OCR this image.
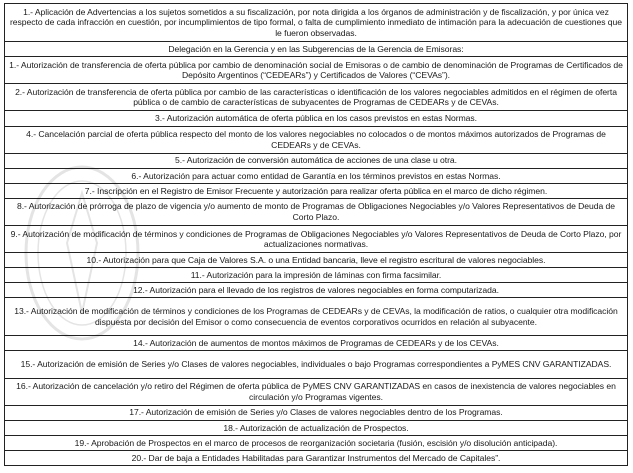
1.- Aplicación de Advertencias a los sujetos sometidos a su fiscalización, por nota dirigida a los órganos de administración y de fiscalización, y por única vez respecto de cada infracción en cuestión, por incumplimientos de tipo formal, o falta de cumplimiento inmediato de intimación para la adecuación de cuestiones que le fueron observadas.
Delegación en la Gerencia y en las Subgerencias de la Gerencia de Emisoras:
1.- Autorización de transferencia de oferta pública por cambio de denominación social de Emisoras o de cambio de denominación de Programas de Certificados de Depósito Argentinos (“CEDEARs”) y Certificados de Valores (“CEVAs”).
2.- Autorización de transferencia de oferta pública por cambio de las características o identificación de los valores negociables admitidos en el régimen de oferta pública o de cambio de características de subyacentes de Programas de CEDEARs y de CEVAs.
3.- Autorización automática de oferta pública en los casos previstos en estas Normas.
4.- Cancelación parcial de oferta pública respecto del monto de los valores negociables no colocados o de montos máximos autorizados de Programas de CEDEARs y de CEVAs.
5.- Autorización de conversión automática de acciones de una clase u otra.
6.- Autorización para actuar como entidad de Garantía en los términos previstos en estas Normas.
7.- Inscripción en el Registro de Emisor Frecuente y autorización para realizar oferta pública en el marco de dicho régimen.
8.- Autorización de prórroga de plazo de vigencia y/o aumento de monto de Programas de Obligaciones Negociables y/o Valores Representativos de Deuda de Corto Plazo.
9.- Autorización de modificación de términos y condiciones de Programas de Obligaciones Negociables y/o Valores Representativos de Deuda de Corto Plazo, por actualizaciones normativas.
10.- Autorización para que Caja de Valores S.A. o una Entidad bancaria, lleve el registro escritural de valores negociables.
11.- Autorización para la impresión de láminas con firma facsimilar.
12.- Autorización para el llevado de los registros de valores negociables en forma computarizada.
13.- Autorización de modificación de términos y condiciones de los Programas de CEDEARs y de CEVAs, la modificación de ratios, o cualquier otra modificación dispuesta por decisión del Emisor o como consecuencia de eventos corporativos ocurridos en relación al subyacente.
14.- Autorización de aumentos de montos máximos de Programas de CEDEARs y de los CEVAs.
15.- Autorización de emisión de Series y/o Clases de valores negociables, individuales o bajo Programas correspondientes a PyMES CNV GARANTIZADAS.
16.- Autorización de cancelación y/o retiro del Régimen de oferta pública de PyMES CNV GARANTIZADAS en casos de inexistencia de valores negociables en circulación y/o Programas vigentes.
17.- Autorización de emisión de Series y/o Clases de valores negociables dentro de los Programas.
18.- Autorización de actualización de Prospectos.
19.- Aprobación de Prospectos en el marco de procesos de reorganización societaria (fusión, escisión y/o disolución anticipada).
20.- Dar de baja a Entidades Habilitadas para Garantizar Instrumentos del Mercado de Capitales”.
